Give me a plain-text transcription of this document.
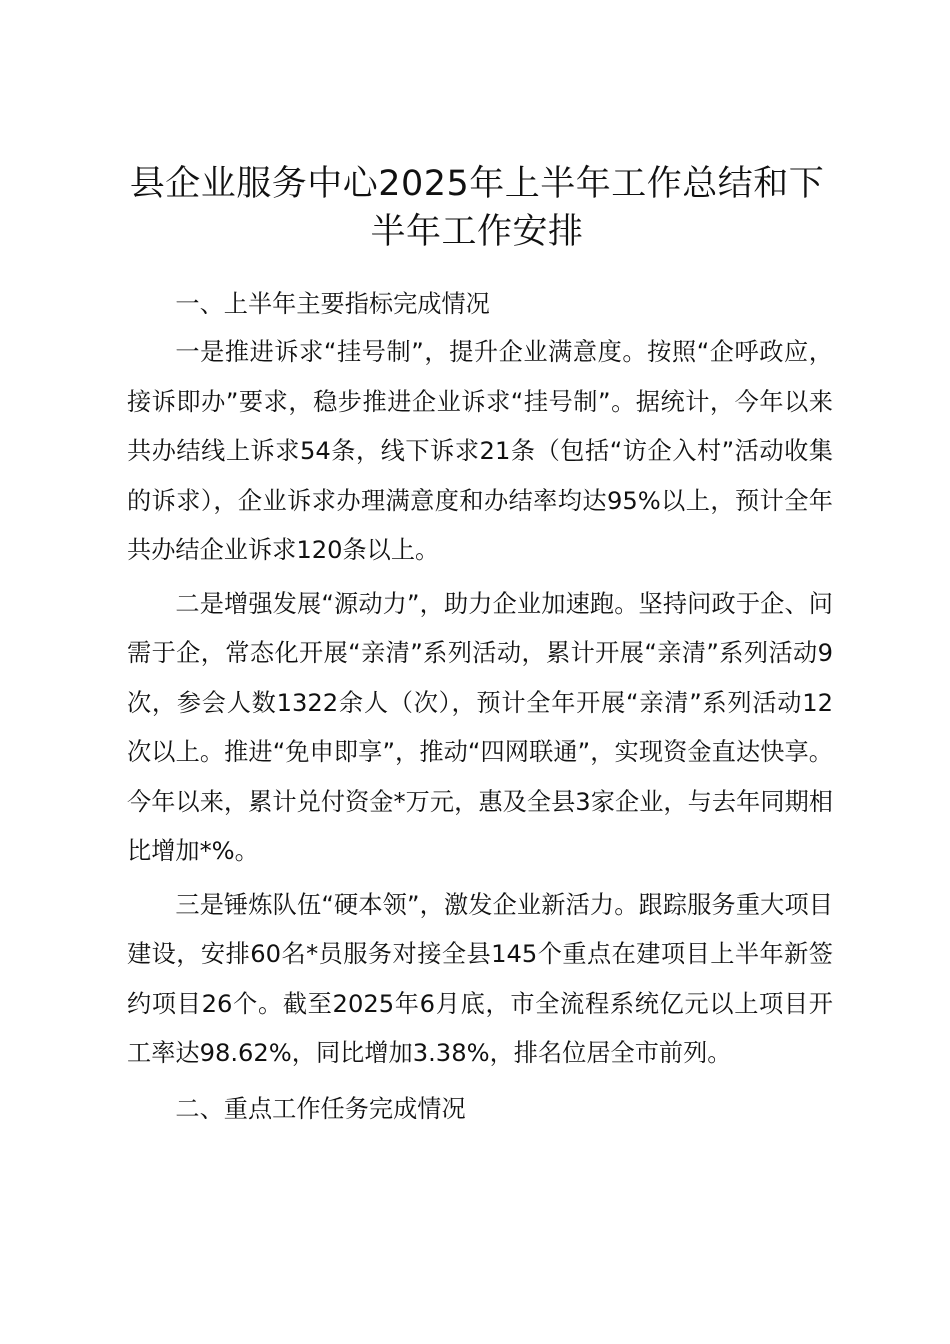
县企业服务中心2025年上半年工作总结和下半年工作安排

一、上半年主要指标完成情况

一是推进诉求“挂号制”，提升企业满意度。按照“企呼政应，接诉即办”要求，稳步推进企业诉求“挂号制”。据统计，今年以来共办结线上诉求54条，线下诉求21条（包括“访企入村”活动收集的诉求），企业诉求办理满意度和办结率均达95%以上，预计全年共办结企业诉求120条以上。

二是增强发展“源动力”，助力企业加速跑。坚持问政于企、问需于企，常态化开展“亲清”系列活动，累计开展“亲清”系列活动9次，参会人数1322余人（次），预计全年开展“亲清”系列活动12次以上。推进“免申即享”，推动“四网联通”，实现资金直达快享。今年以来，累计兑付资金*万元，惠及全县3家企业，与去年同期相比增加*%。

三是锤炼队伍“硬本领”，激发企业新活力。跟踪服务重大项目建设，安排60名*员服务对接全县145个重点在建项目上半年新签约项目26个。截至2025年6月底，市全流程系统亿元以上项目开工率达98.62%，同比增加3.38%，排名位居全市前列。

二、重点工作任务完成情况
